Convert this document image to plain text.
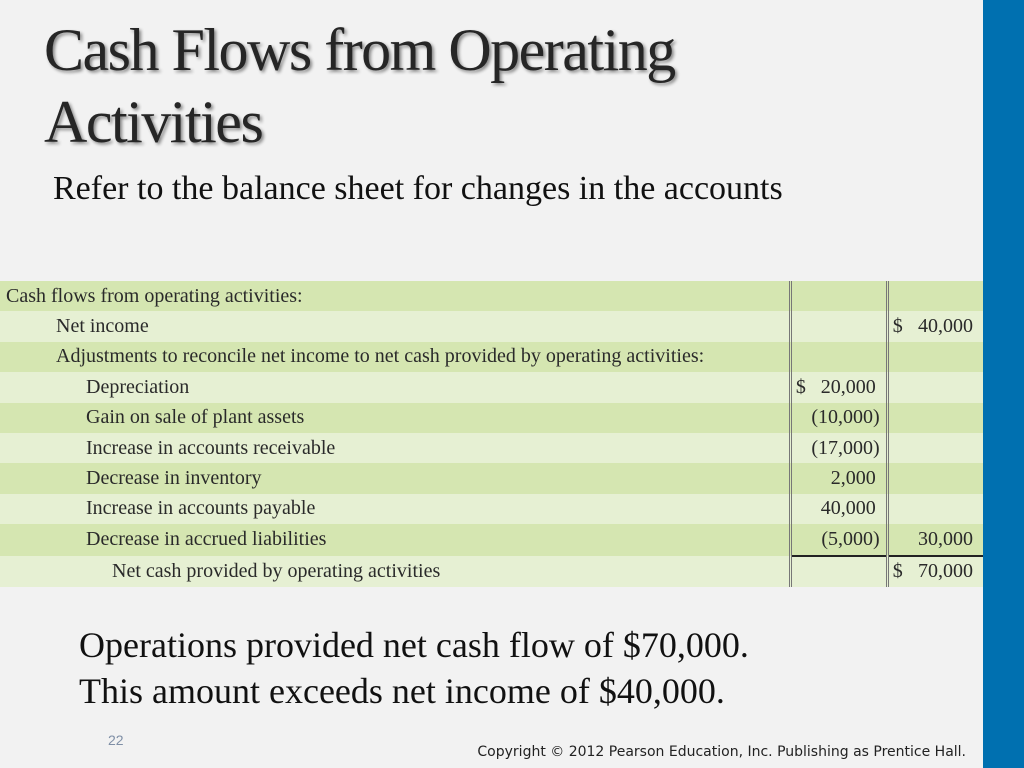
Cash Flows from Operating
Activities
Refer to the balance sheet for changes in the accounts
Cash flows from operating activities:	

Net income		$ 40,000

Adjustments to reconcile net income to net cash provided by operating activities:	

Depreciation	$ 20,000	

Gain on sale of plant assets	(10,000)	

Increase in accounts receivable	(17,000)	

Decrease in inventory	2,000	

Increase in accounts payable	40,000	

Decrease in accrued liabilities	(5,000)	30,000

Net cash provided by operating activities		$ 70,000
Operations provided net cash flow of $70,000.
This amount exceeds net income of $40,000.
22
Copyright © 2012 Pearson Education, Inc. Publishing as Prentice Hall.
